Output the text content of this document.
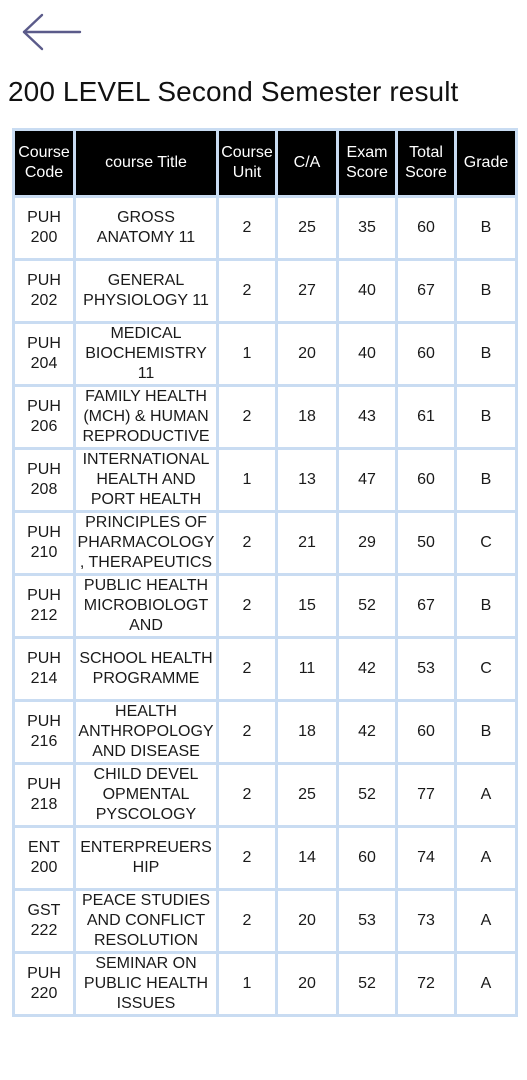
200 LEVEL Second Semester result
Course Code	course Title	Course Unit	C/A	Exam Score	Total Score	Grade
PUH 200	GROSS ANATOMY 11	2	25	35	60	B
PUH 202	GENERAL PHYSIOLOGY 11	2	27	40	67	B
PUH 204	MEDICAL BIOCHEMISTRY 11	1	20	40	60	B
PUH 206	FAMILY HEALTH (MCH) & HUMAN REPRODUCTIVE	2	18	43	61	B
PUH 208	INTERNATIONAL HEALTH AND PORT HEALTH	1	13	47	60	B
PUH 210	PRINCIPLES OF PHARMACOLOGY , THERAPEUTICS	2	21	29	50	C
PUH 212	PUBLIC HEALTH MICROBIOLOGT AND	2	15	52	67	B
PUH 214	SCHOOL HEALTH PROGRAMME	2	11	42	53	C
PUH 216	HEALTH ANTHROPOLOGY AND DISEASE	2	18	42	60	B
PUH 218	CHILD DEVEL OPMENTAL PYSCOLOGY	2	25	52	77	A
ENT 200	ENTERPREUERS HIP	2	14	60	74	A
GST 222	PEACE STUDIES AND CONFLICT RESOLUTION	2	20	53	73	A
PUH 220	SEMINAR ON PUBLIC HEALTH ISSUES	1	20	52	72	A
